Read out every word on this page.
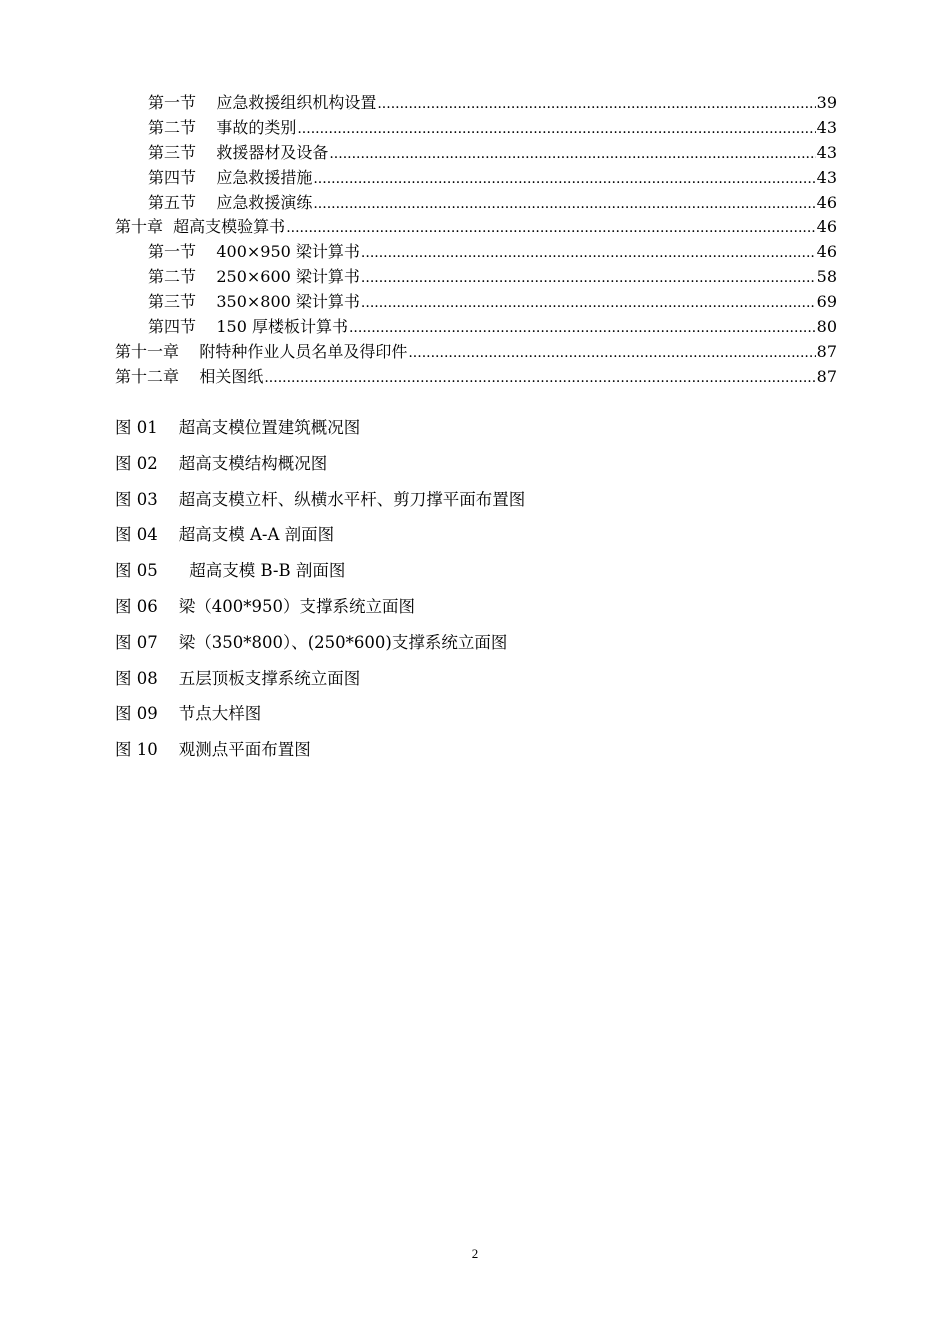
第一节    应急救援组织机构设置 .....	39
第二节    事故的类别 .....	43
第三节    救援器材及设备 .....	43
第四节    应急救援措施 .....	43
第五节    应急救援演练 .....	46
第十章  超高支模验算书 .....	46
第一节    400×950 梁计算书 .....	46
第二节    250×600 梁计算书 .....	58
第三节    350×800 梁计算书 .....	69
第四节    150 厚楼板计算书 .....	80
第十一章    附特种作业人员名单及得印件 .....	87
第十二章    相关图纸 .....	87
图 01    超高支模位置建筑概况图
图 02    超高支模结构概况图
图 03    超高支模立杆、纵横水平杆、剪刀撑平面布置图
图 04    超高支模 A-A 剖面图
图 05      超高支模 B-B 剖面图
图 06    梁（400*950）支撑系统立面图
图 07    梁（350*800）、(250*600)支撑系统立面图
图 08    五层顶板支撑系统立面图
图 09    节点大样图
图 10    观测点平面布置图
2
